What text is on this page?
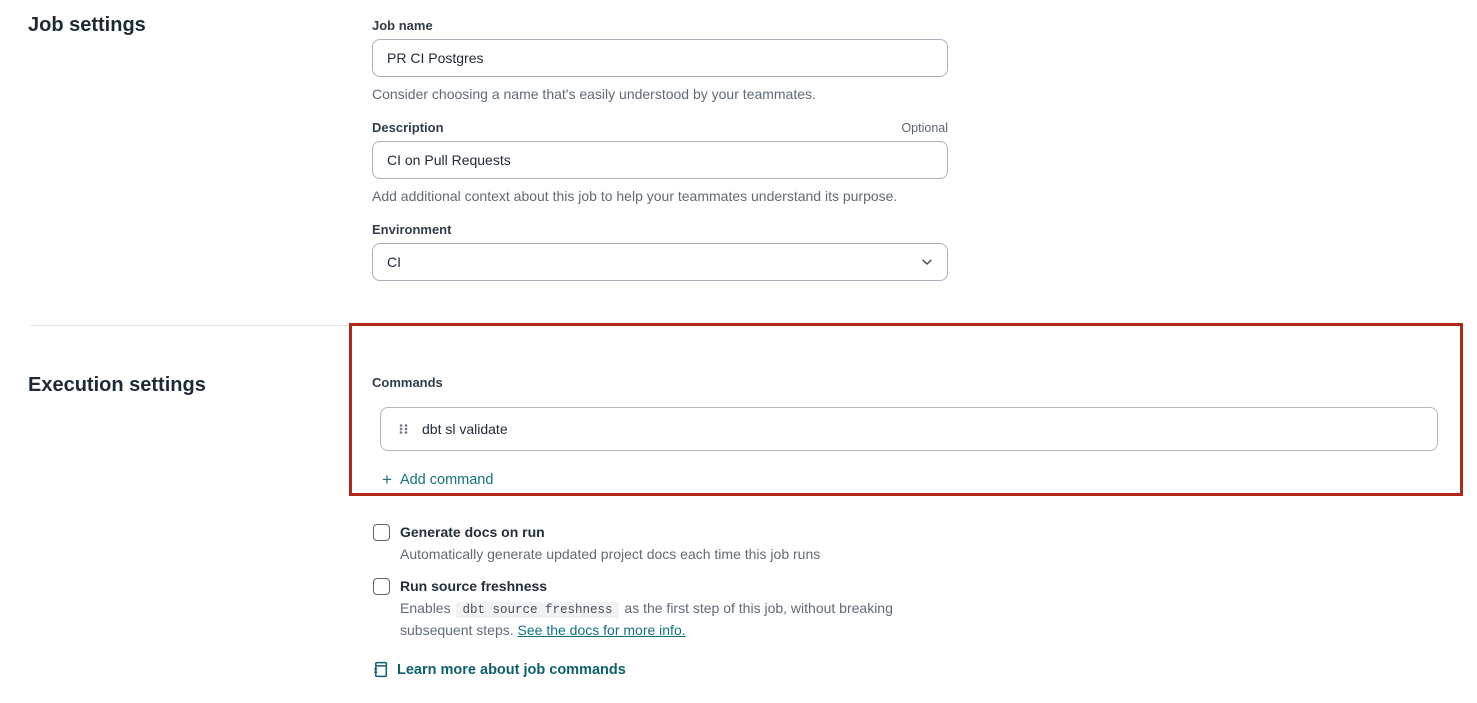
Job settings	Job name
PR CI Postgres
Consider choosing a name that's easily understood by your teammates.
Description	Optional
CI on Pull Requests
Add additional context about this job to help your teammates understand its purpose.
Environment
CI
Execution settings	Commands
dbt sl validate
+ Add command
Generate docs on run
Automatically generate updated project docs each time this job runs
Run source freshness
Enables dbt source freshness as the first step of this job, without breaking subsequent steps. See the docs for more info.
Learn more about job commands
